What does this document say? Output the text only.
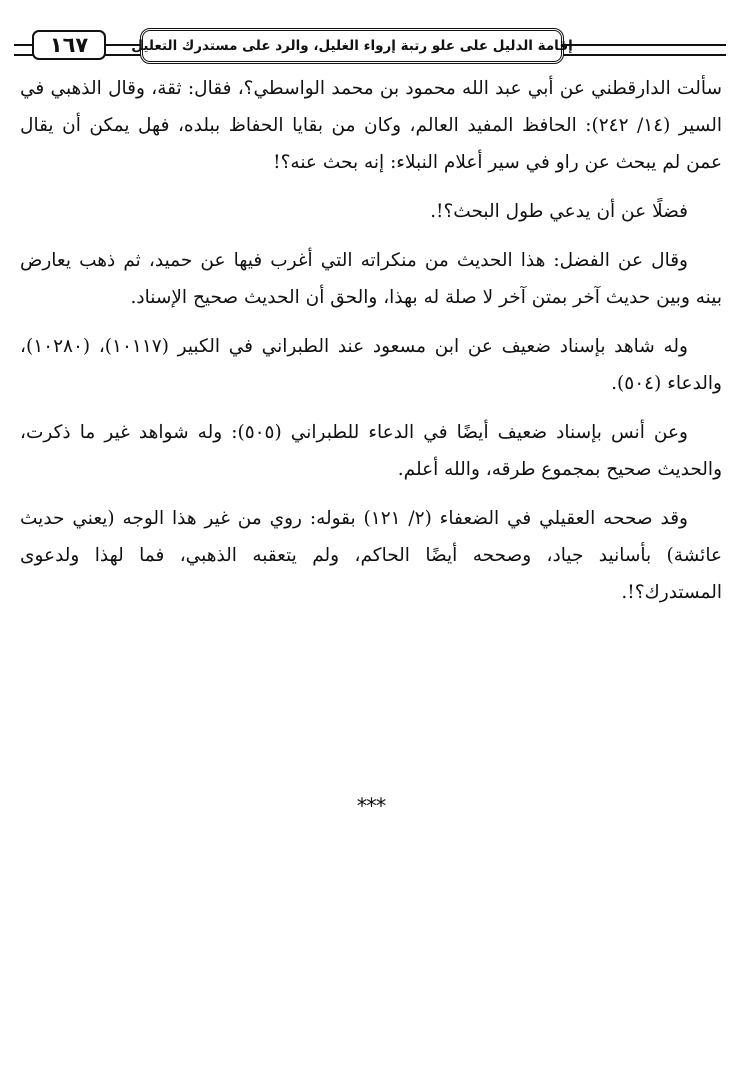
١٦٧	إقامة الدليل على علو رتبة إرواء الغليل، والرد على مستدرك التعليل

سألت الدارقطني عن أبي عبد الله محمود بن محمد الواسطي؟، فقال: ثقة، وقال الذهبي في السير (١٤/ ٢٤٢): الحافظ المفيد العالم، وكان من بقايا الحفاظ ببلده، فهل يمكن أن يقال عمن لم يبحث عن راو في سير أعلام النبلاء: إنه بحث عنه؟!

فضلًا عن أن يدعي طول البحث؟!.

وقال عن الفضل: هذا الحديث من منكراته التي أغرب فيها عن حميد، ثم ذهب يعارض بينه وبين حديث آخر بمتن آخر لا صلة له بهذا، والحق أن الحديث صحيح الإسناد.

وله شاهد بإسناد ضعيف عن ابن مسعود عند الطبراني في الكبير (١٠١١٧)، (١٠٢٨٠)، والدعاء (٥٠٤).

وعن أنس بإسناد ضعيف أيضًا في الدعاء للطبراني (٥٠٥): وله شواهد غير ما ذكرت، والحديث صحيح بمجموع طرقه، والله أعلم.

وقد صححه العقيلي في الضعفاء (٢/ ١٢١) بقوله: روي من غير هذا الوجه (يعني حديث عائشة) بأسانيد جياد، وصححه أيضًا الحاكم، ولم يتعقبه الذهبي، فما لهذا ولدعوى المستدرك؟!.

***
